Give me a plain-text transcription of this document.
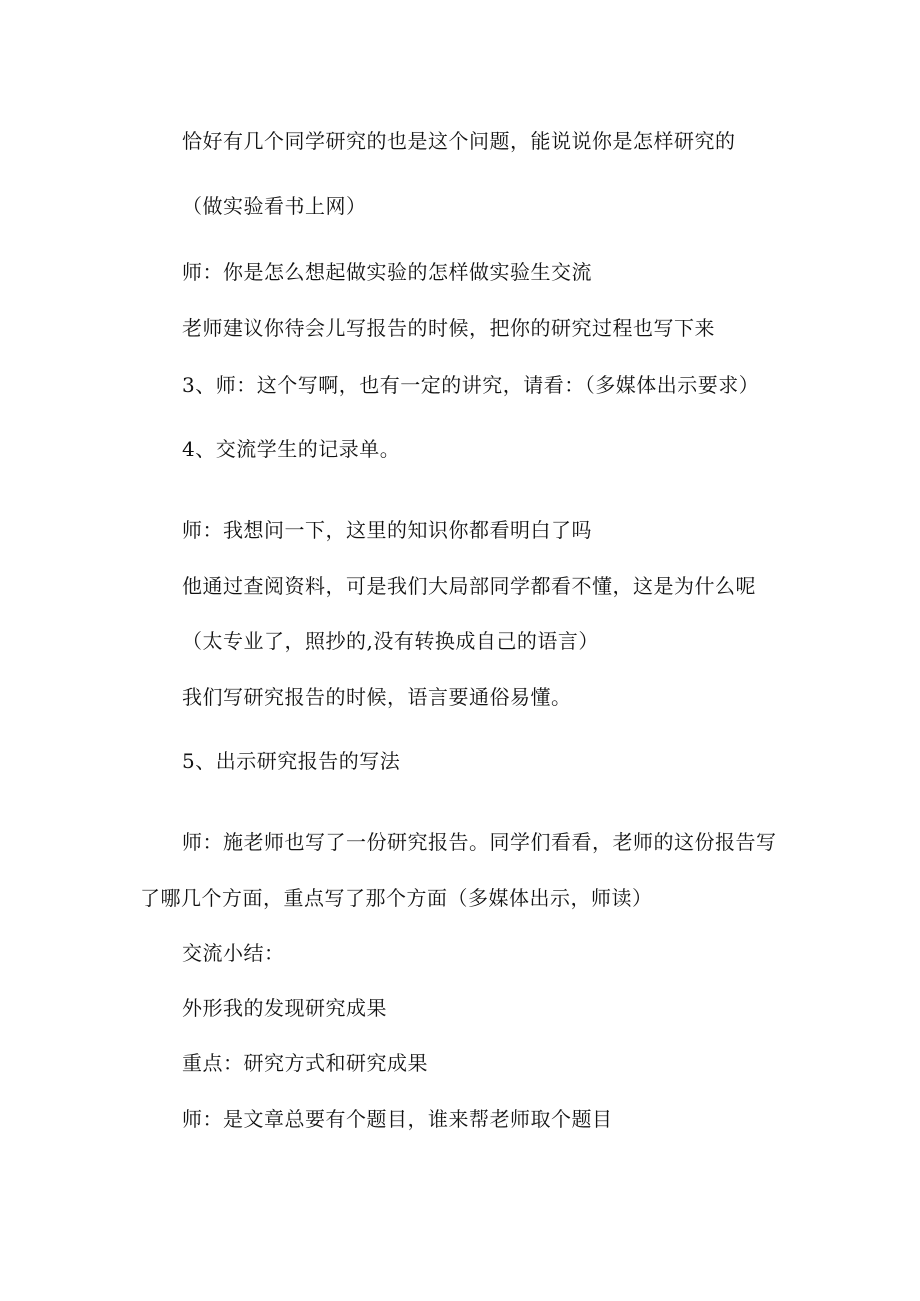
恰好有几个同学研究的也是这个问题，能说说你是怎样研究的
（做实验看书上网）
师：你是怎么想起做实验的怎样做实验生交流
老师建议你待会儿写报告的时候，把你的研究过程也写下来
3、师：这个写啊，也有一定的讲究，请看：（多媒体出示要求）
4、交流学生的记录单。
师：我想问一下，这里的知识你都看明白了吗
他通过查阅资料，可是我们大局部同学都看不懂，这是为什么呢
（太专业了，照抄的,没有转换成自己的语言）
我们写研究报告的时候，语言要通俗易懂。
5、出示研究报告的写法
师：施老师也写了一份研究报告。同学们看看，老师的这份报告写
了哪几个方面，重点写了那个方面（多媒体出示，师读）
交流小结：
外形我的发现研究成果
重点：研究方式和研究成果
师：是文章总要有个题目，谁来帮老师取个题目
